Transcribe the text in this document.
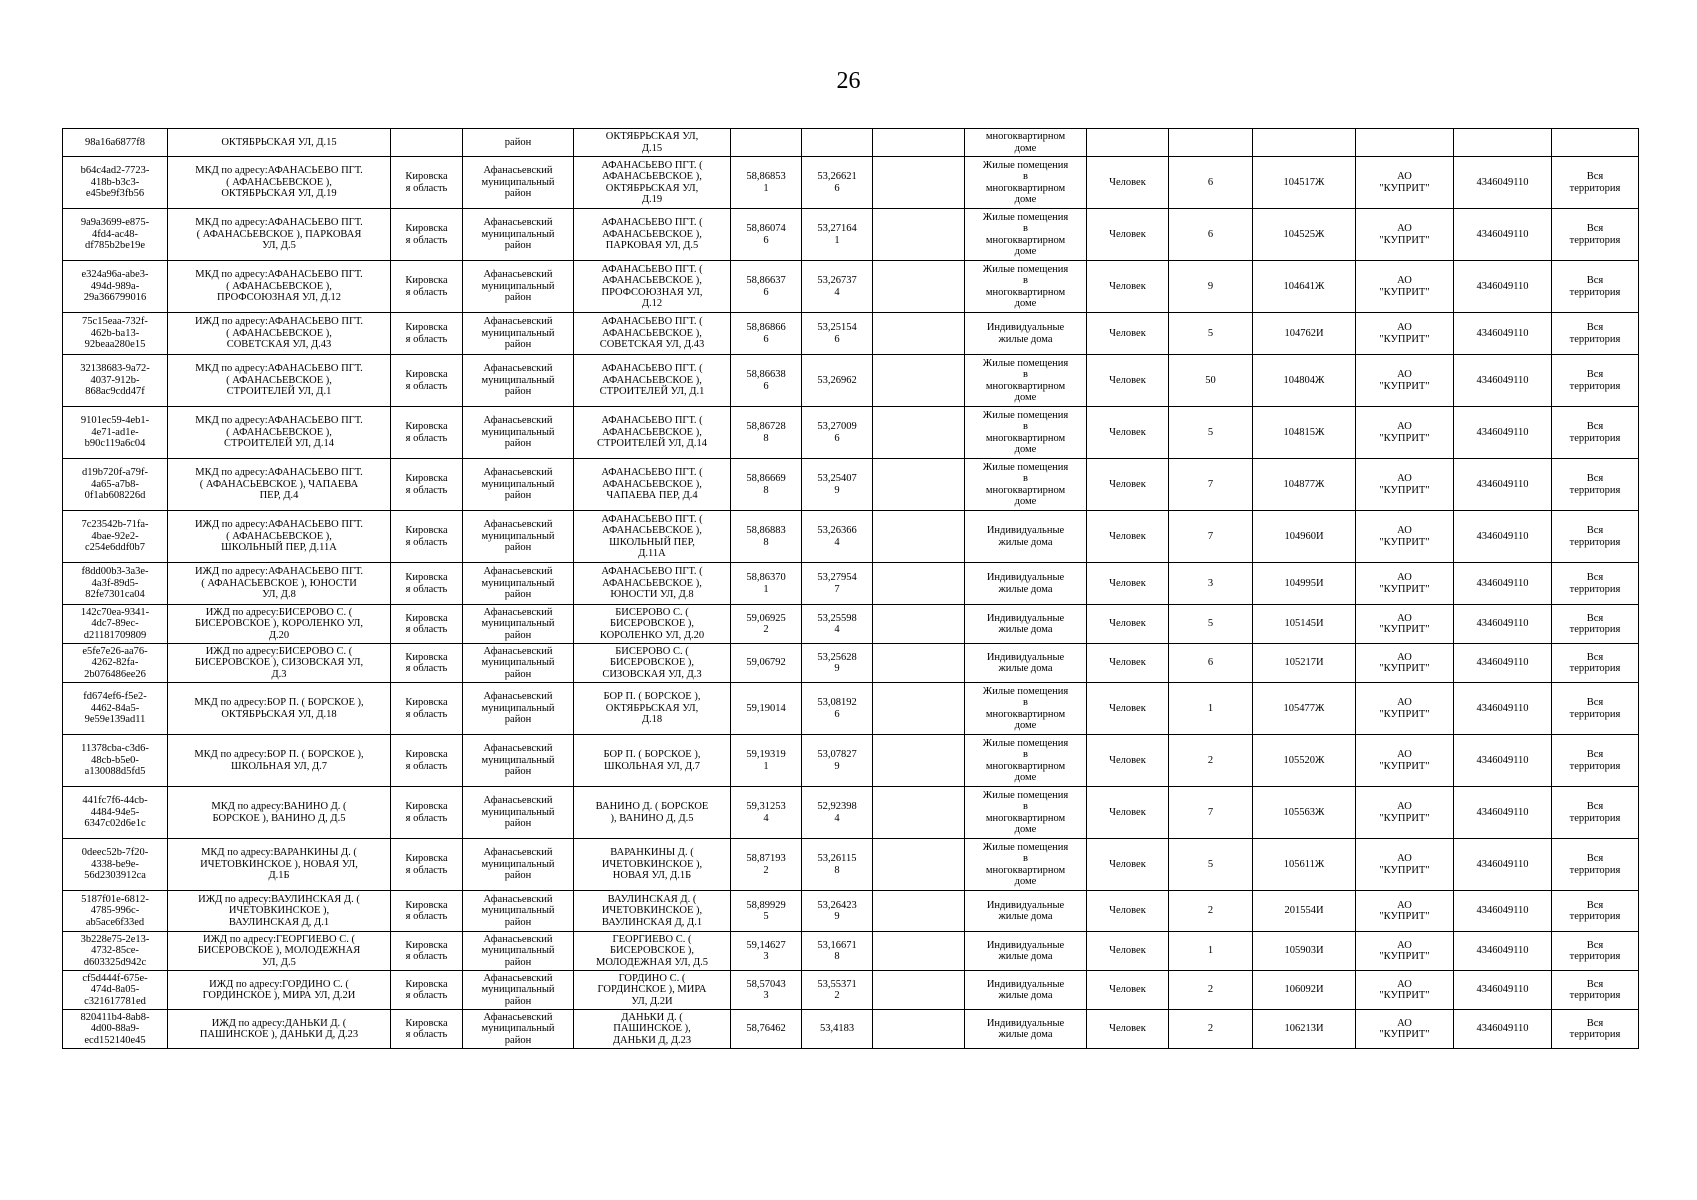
26
98a16a6877f8	ОКТЯБРЬСКАЯ УЛ, Д.15		район	ОКТЯБРЬСКАЯ УЛ,
Д.15				многоквартирном
доме						
b64c4ad2-7723-
418b-b3c3-
e45be9f3fb56	МКД по адресу:АФАНАСЬЕВО ПГТ.
( АФАНАСЬЕВСКОЕ ),
ОКТЯБРЬСКАЯ УЛ, Д.19	Кировска
я область	Афанасьевский
муниципальный
район	АФАНАСЬЕВО ПГТ. (
АФАНАСЬЕВСКОЕ ),
ОКТЯБРЬСКАЯ УЛ,
Д.19	58,86853
1	53,26621
6		Жилые помещения
в
многоквартирном
доме	Человек	6	104517Ж	АО
"КУПРИТ"	4346049110	Вся
территория
9a9a3699-e875-
4fd4-ac48-
df785b2be19e	МКД по адресу:АФАНАСЬЕВО ПГТ.
( АФАНАСЬЕВСКОЕ ), ПАРКОВАЯ
УЛ, Д.5	Кировска
я область	Афанасьевский
муниципальный
район	АФАНАСЬЕВО ПГТ. (
АФАНАСЬЕВСКОЕ ),
ПАРКОВАЯ УЛ, Д.5	58,86074
6	53,27164
1		Жилые помещения
в
многоквартирном
доме	Человек	6	104525Ж	АО
"КУПРИТ"	4346049110	Вся
территория
e324a96a-abe3-
494d-989a-
29a366799016	МКД по адресу:АФАНАСЬЕВО ПГТ.
( АФАНАСЬЕВСКОЕ ),
ПРОФСОЮЗНАЯ УЛ, Д.12	Кировска
я область	Афанасьевский
муниципальный
район	АФАНАСЬЕВО ПГТ. (
АФАНАСЬЕВСКОЕ ),
ПРОФСОЮЗНАЯ УЛ,
Д.12	58,86637
6	53,26737
4		Жилые помещения
в
многоквартирном
доме	Человек	9	104641Ж	АО
"КУПРИТ"	4346049110	Вся
территория
75c15eaa-732f-
462b-ba13-
92beaa280e15	ИЖД по адресу:АФАНАСЬЕВО ПГТ.
( АФАНАСЬЕВСКОЕ ),
СОВЕТСКАЯ УЛ, Д.43	Кировска
я область	Афанасьевский
муниципальный
район	АФАНАСЬЕВО ПГТ. (
АФАНАСЬЕВСКОЕ ),
СОВЕТСКАЯ УЛ, Д.43	58,86866
6	53,25154
6		Индивидуальные
жилые дома	Человек	5	104762И	АО
"КУПРИТ"	4346049110	Вся
территория
32138683-9a72-
4037-912b-
868ac9cdd47f	МКД по адресу:АФАНАСЬЕВО ПГТ.
( АФАНАСЬЕВСКОЕ ),
СТРОИТЕЛЕЙ УЛ, Д.1	Кировска
я область	Афанасьевский
муниципальный
район	АФАНАСЬЕВО ПГТ. (
АФАНАСЬЕВСКОЕ ),
СТРОИТЕЛЕЙ УЛ, Д.1	58,86638
6	53,26962		Жилые помещения
в
многоквартирном
доме	Человек	50	104804Ж	АО
"КУПРИТ"	4346049110	Вся
территория
9101ec59-4eb1-
4e71-ad1e-
b90c119a6c04	МКД по адресу:АФАНАСЬЕВО ПГТ.
( АФАНАСЬЕВСКОЕ ),
СТРОИТЕЛЕЙ УЛ, Д.14	Кировска
я область	Афанасьевский
муниципальный
район	АФАНАСЬЕВО ПГТ. (
АФАНАСЬЕВСКОЕ ),
СТРОИТЕЛЕЙ УЛ, Д.14	58,86728
8	53,27009
6		Жилые помещения
в
многоквартирном
доме	Человек	5	104815Ж	АО
"КУПРИТ"	4346049110	Вся
территория
d19b720f-a79f-
4a65-a7b8-
0f1ab608226d	МКД по адресу:АФАНАСЬЕВО ПГТ.
( АФАНАСЬЕВСКОЕ ), ЧАПАЕВА
ПЕР, Д.4	Кировска
я область	Афанасьевский
муниципальный
район	АФАНАСЬЕВО ПГТ. (
АФАНАСЬЕВСКОЕ ),
ЧАПАЕВА ПЕР, Д.4	58,86669
8	53,25407
9		Жилые помещения
в
многоквартирном
доме	Человек	7	104877Ж	АО
"КУПРИТ"	4346049110	Вся
территория
7c23542b-71fa-
4bae-92e2-
c254e6ddf0b7	ИЖД по адресу:АФАНАСЬЕВО ПГТ.
( АФАНАСЬЕВСКОЕ ),
ШКОЛЬНЫЙ ПЕР, Д.11А	Кировска
я область	Афанасьевский
муниципальный
район	АФАНАСЬЕВО ПГТ. (
АФАНАСЬЕВСКОЕ ),
ШКОЛЬНЫЙ ПЕР,
Д.11А	58,86883
8	53,26366
4		Индивидуальные
жилые дома	Человек	7	104960И	АО
"КУПРИТ"	4346049110	Вся
территория
f8dd00b3-3a3e-
4a3f-89d5-
82fe7301ca04	ИЖД по адресу:АФАНАСЬЕВО ПГТ.
( АФАНАСЬЕВСКОЕ ), ЮНОСТИ
УЛ, Д.8	Кировска
я область	Афанасьевский
муниципальный
район	АФАНАСЬЕВО ПГТ. (
АФАНАСЬЕВСКОЕ ),
ЮНОСТИ УЛ, Д.8	58,86370
1	53,27954
7		Индивидуальные
жилые дома	Человек	3	104995И	АО
"КУПРИТ"	4346049110	Вся
территория
142c70ea-9341-
4dc7-89ec-
d21181709809	ИЖД по адресу:БИСЕРОВО С. (
БИСЕРОВСКОЕ ), КОРОЛЕНКО УЛ,
Д.20	Кировска
я область	Афанасьевский
муниципальный
район	БИСЕРОВО С. (
БИСЕРОВСКОЕ ),
КОРОЛЕНКО УЛ, Д.20	59,06925
2	53,25598
4		Индивидуальные
жилые дома	Человек	5	105145И	АО
"КУПРИТ"	4346049110	Вся
территория
e5fe7e26-aa76-
4262-82fa-
2b076486ee26	ИЖД по адресу:БИСЕРОВО С. (
БИСЕРОВСКОЕ ), СИЗОВСКАЯ УЛ,
Д.3	Кировска
я область	Афанасьевский
муниципальный
район	БИСЕРОВО С. (
БИСЕРОВСКОЕ ),
СИЗОВСКАЯ УЛ, Д.3	59,06792	53,25628
9		Индивидуальные
жилые дома	Человек	6	105217И	АО
"КУПРИТ"	4346049110	Вся
территория
fd674ef6-f5e2-
4462-84a5-
9e59e139ad11	МКД по адресу:БОР П. ( БОРСКОЕ ),
ОКТЯБРЬСКАЯ УЛ, Д.18	Кировска
я область	Афанасьевский
муниципальный
район	БОР П. ( БОРСКОЕ ),
ОКТЯБРЬСКАЯ УЛ,
Д.18	59,19014	53,08192
6		Жилые помещения
в
многоквартирном
доме	Человек	1	105477Ж	АО
"КУПРИТ"	4346049110	Вся
территория
11378cba-c3d6-
48cb-b5e0-
a130088d5fd5	МКД по адресу:БОР П. ( БОРСКОЕ ),
ШКОЛЬНАЯ УЛ, Д.7	Кировска
я область	Афанасьевский
муниципальный
район	БОР П. ( БОРСКОЕ ),
ШКОЛЬНАЯ УЛ, Д.7	59,19319
1	53,07827
9		Жилые помещения
в
многоквартирном
доме	Человек	2	105520Ж	АО
"КУПРИТ"	4346049110	Вся
территория
441fc7f6-44cb-
4484-94e5-
6347c02d6e1c	МКД по адресу:ВАНИНО Д. (
БОРСКОЕ ), ВАНИНО Д, Д.5	Кировска
я область	Афанасьевский
муниципальный
район	ВАНИНО Д. ( БОРСКОЕ
), ВАНИНО Д, Д.5	59,31253
4	52,92398
4		Жилые помещения
в
многоквартирном
доме	Человек	7	105563Ж	АО
"КУПРИТ"	4346049110	Вся
территория
0deec52b-7f20-
4338-be9e-
56d2303912ca	МКД по адресу:ВАРАНКИНЫ Д. (
ИЧЕТОВКИНСКОЕ ), НОВАЯ УЛ,
Д.1Б	Кировска
я область	Афанасьевский
муниципальный
район	ВАРАНКИНЫ Д. (
ИЧЕТОВКИНСКОЕ ),
НОВАЯ УЛ, Д.1Б	58,87193
2	53,26115
8		Жилые помещения
в
многоквартирном
доме	Человек	5	105611Ж	АО
"КУПРИТ"	4346049110	Вся
территория
5187f01e-6812-
4785-996c-
ab5ace6f33ed	ИЖД по адресу:ВАУЛИНСКАЯ Д. (
ИЧЕТОВКИНСКОЕ ),
ВАУЛИНСКАЯ Д, Д.1	Кировска
я область	Афанасьевский
муниципальный
район	ВАУЛИНСКАЯ Д. (
ИЧЕТОВКИНСКОЕ ),
ВАУЛИНСКАЯ Д, Д.1	58,89929
5	53,26423
9		Индивидуальные
жилые дома	Человек	2	201554И	АО
"КУПРИТ"	4346049110	Вся
территория
3b228e75-2e13-
4732-85ce-
d603325d942c	ИЖД по адресу:ГЕОРГИЕВО С. (
БИСЕРОВСКОЕ ), МОЛОДЕЖНАЯ
УЛ, Д.5	Кировска
я область	Афанасьевский
муниципальный
район	ГЕОРГИЕВО С. (
БИСЕРОВСКОЕ ),
МОЛОДЕЖНАЯ УЛ, Д.5	59,14627
3	53,16671
8		Индивидуальные
жилые дома	Человек	1	105903И	АО
"КУПРИТ"	4346049110	Вся
территория
cf5d444f-675e-
474d-8a05-
c321617781ed	ИЖД по адресу:ГОРДИНО С. (
ГОРДИНСКОЕ ), МИРА УЛ, Д.2И	Кировска
я область	Афанасьевский
муниципальный
район	ГОРДИНО С. (
ГОРДИНСКОЕ ), МИРА
УЛ, Д.2И	58,57043
3	53,55371
2		Индивидуальные
жилые дома	Человек	2	106092И	АО
"КУПРИТ"	4346049110	Вся
территория
820411b4-8ab8-
4d00-88a9-
ecd152140e45	ИЖД по адресу:ДАНЬКИ Д. (
ПАШИНСКОЕ ), ДАНЬКИ Д, Д.23	Кировска
я область	Афанасьевский
муниципальный
район	ДАНЬКИ Д. (
ПАШИНСКОЕ ),
ДАНЬКИ Д, Д.23	58,76462	53,4183		Индивидуальные
жилые дома	Человек	2	106213И	АО
"КУПРИТ"	4346049110	Вся
территория
